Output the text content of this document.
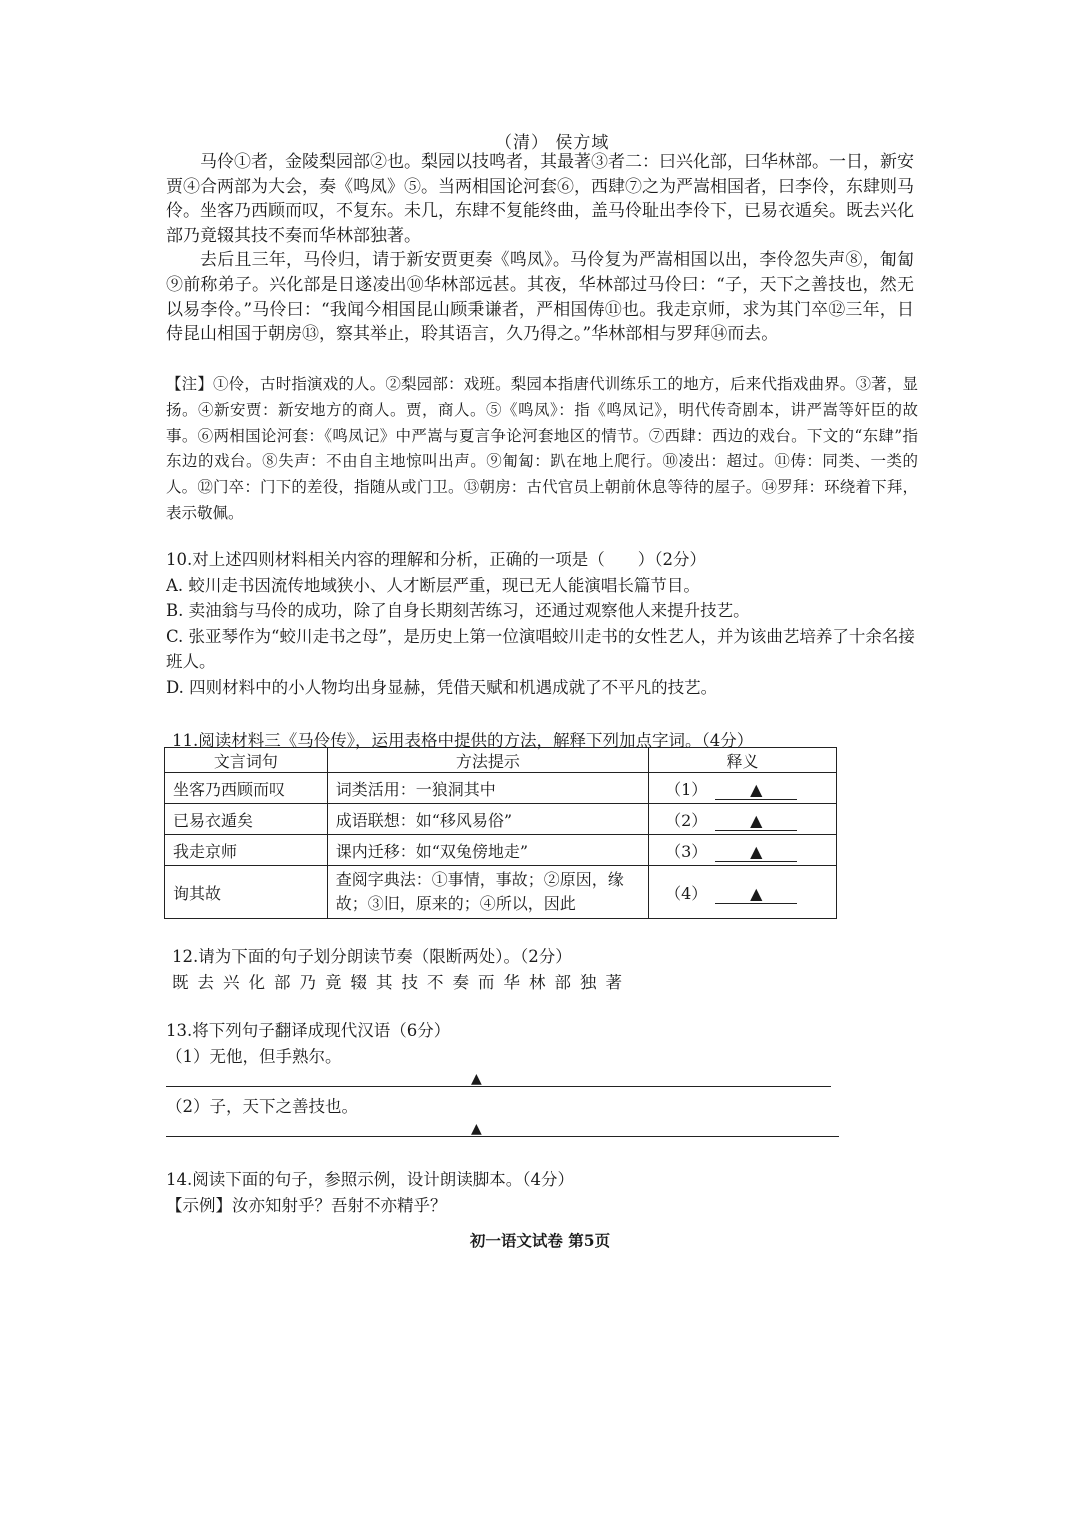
（清） 侯方域

马伶①者，金陵梨园部②也。梨园以技鸣者，其最著③者二：曰兴化部，曰华林部。一日，新安贾④合两部为大会，奏《鸣凤》⑤。当两相国论河套⑥，西肆⑦之为严嵩相国者，曰李伶，东肆则马伶。坐客乃西顾而叹，不复东。未几，东肆不复能终曲，盖马伶耻出李伶下，已易衣遁矣。既去兴化部乃竟辍其技不奏而华林部独著。

去后且三年，马伶归，请于新安贾更奏《鸣凤》。马伶复为严嵩相国以出，李伶忽失声⑧，匍匐⑨前称弟子。兴化部是日遂凌出⑩华林部远甚。其夜，华林部过马伶曰：“子，天下之善技也，然无以易李伶。”马伶曰：“我闻今相国昆山顾秉谦者，严相国俦⑪也。我走京师，求为其门卒⑫三年，日侍昆山相国于朝房⑬，察其举止，聆其语言，久乃得之。”华林部相与罗拜⑭而去。

【注】①伶，古时指演戏的人。②梨园部：戏班。梨园本指唐代训练乐工的地方，后来代指戏曲界。③著，显扬。④新安贾：新安地方的商人。贾，商人。⑤《鸣凤》：指《鸣凤记》，明代传奇剧本，讲严嵩等奸臣的故事。⑥两相国论河套：《鸣凤记》中严嵩与夏言争论河套地区的情节。⑦西肆：西边的戏台。下文的“东肆”指东边的戏台。⑧失声：不由自主地惊叫出声。⑨匍匐：趴在地上爬行。⑩凌出：超过。⑪俦：同类、一类的人。⑫门卒：门下的差役，指随从或门卫。⑬朝房：古代官员上朝前休息等待的屋子。⑭罗拜：环绕着下拜，表示敬佩。
10.对上述四则材料相关内容的理解和分析，正确的一项是（　　）（2分）
A. 蛟川走书因流传地域狭小、人才断层严重，现已无人能演唱长篇节目。
B. 卖油翁与马伶的成功，除了自身长期刻苦练习，还通过观察他人来提升技艺。
C. 张亚琴作为“蛟川走书之母”，是历史上第一位演唱蛟川走书的女性艺人，并为该曲艺培养了十余名接班人。
D. 四则材料中的小人物均出身显赫，凭借天赋和机遇成就了不平凡的技艺。
11.阅读材料三《马伶传》，运用表格中提供的方法，解释下列加点字词。（4分）
文言词句	方法提示	释义
坐客乃西顾而叹	词类活用：一狼洞其中	（1） ▲
已易衣遁矣	成语联想：如“移风易俗”	（2） ▲
我走京师	课内迁移：如“双兔傍地走”	（3） ▲
询其故	查阅字典法：①事情，事故；②原因，缘故；③旧，原来的；④所以，因此	（4） ▲
12.请为下面的句子划分朗读节奏（限断两处）。（2分）
既去兴化部乃竟辍其技不奏而华林部独著
13.将下列句子翻译成现代汉语（6分）
（1）无他，但手熟尔。
▲
（2）子，天下之善技也。
▲
14.阅读下面的句子，参照示例，设计朗读脚本。（4分）
【示例】汝亦知射乎？吾射不亦精乎？
初一语文试卷 第5页
